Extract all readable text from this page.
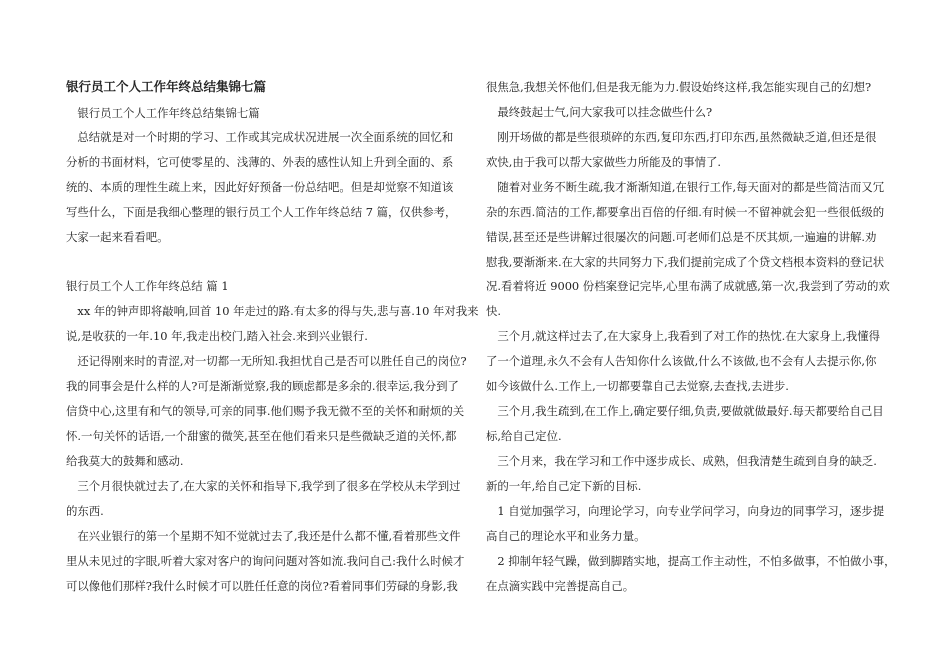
银行员工个人工作年终总结集锦七篇
　银行员工个人工作年终总结集锦七篇
　总结就是对一个时期的学习、工作或其完成状况进展一次全面系统的回忆和
分析的书面材料，它可使零星的、浅薄的、外表的感性认知上升到全面的、系
统的、本质的理性生疏上来，因此好好预备一份总结吧。但是却觉察不知道该
写些什么，下面是我细心整理的银行员工个人工作年终总结 7 篇，仅供参考，
大家一起来看看吧。
银行员工个人工作年终总结 篇 1
　xx 年的钟声即将敲响,回首 10 年走过的路.有太多的得与失,悲与喜.10 年对我来
说,是收获的一年.10 年,我走出校门,踏入社会.来到兴业银行.
　还记得刚来时的青涩,对一切都一无所知.我担忧自己是否可以胜任自己的岗位?
我的同事会是什么样的人?可是渐渐觉察,我的顾虑都是多余的.很幸运,我分到了
信贷中心,这里有和气的领导,可亲的同事.他们赐予我无微不至的关怀和耐烦的关
怀.一句关怀的话语,一个甜蜜的微笑,甚至在他们看来只是些微缺乏道的关怀,都
给我莫大的鼓舞和感动.
　三个月很快就过去了,在大家的关怀和指导下,我学到了很多在学校从未学到过
的东西.
　在兴业银行的第一个星期不知不觉就过去了,我还是什么都不懂,看着那些文件
里从未见过的字眼,听着大家对客户的询问问题对答如流.我问自己:我什么时候才
可以像他们那样?我什么时候才可以胜任任意的岗位?看着同事们劳碌的身影,我
很焦急,我想关怀他们,但是我无能为力.假设始终这样,我怎能实现自己的幻想?
　最终鼓起士气,问大家我可以挂念做些什么?
　刚开场做的都是些很琐碎的东西,复印东西,打印东西,虽然微缺乏道,但还是很
欢快,由于我可以帮大家做些力所能及的事情了.
　随着对业务不断生疏,我才渐渐知道,在银行工作,每天面对的都是些简洁而又冗
杂的东西.简洁的工作,都要拿出百倍的仔细.有时候一不留神就会犯一些很低级的
错误,甚至还是些讲解过很屡次的问题.可老师们总是不厌其烦,一遍遍的讲解.劝
慰我,要渐渐来.在大家的共同努力下,我们提前完成了个贷文档根本资料的登记状
况.看着将近 9000 份档案登记完毕,心里布满了成就感,第一次,我尝到了劳动的欢
快.
　三个月,就这样过去了,在大家身上,我看到了对工作的热忱.在大家身上,我懂得
了一个道理,永久不会有人告知你什么该做,什么不该做,也不会有人去提示你,你
如今该做什么.工作上,一切都要靠自己去觉察,去查找,去进步.
　三个月,我生疏到,在工作上,确定要仔细,负责,要做就做最好.每天都要给自己目
标,给自己定位.
　三个月来，我在学习和工作中逐步成长、成熟，但我清楚生疏到自身的缺乏.
新的一年,给自己定下新的目标.
　1 自觉加强学习，向理论学习，向专业学问学习，向身边的同事学习，逐步提
高自己的理论水平和业务力量。
　2 抑制年轻气躁，做到脚踏实地，提高工作主动性，不怕多做事，不怕做小事，
在点滴实践中完善提高自己。
